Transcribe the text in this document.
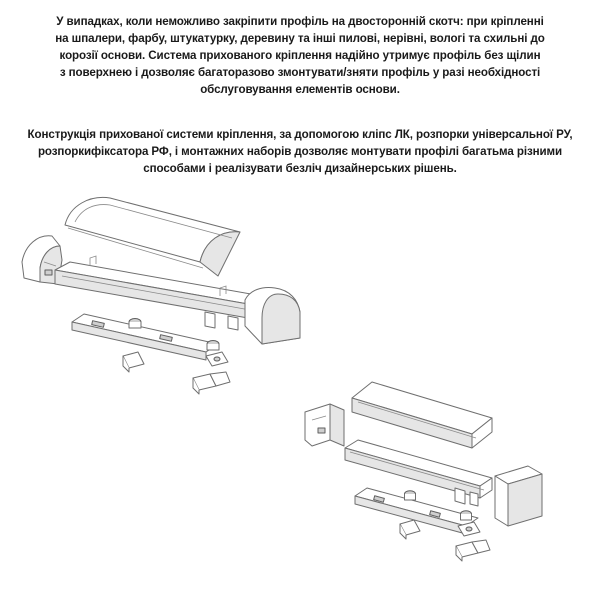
У випадках, коли неможливо закріпити профіль на двосторонній скотч: при кріпленні
на шпалери, фарбу, штукатурку, деревину та інші пилові, нерівні, вологі та схильні до
корозії основи. Система прихованого кріплення надійно утримує профіль без щілин
з поверхнею і дозволяє багаторазово змонтувати/зняти профіль у разі необхідності
обслуговування елементів основи.
Конструкція прихованої системи кріплення, за допомогою кліпс ЛК, розпорки універсальної РУ,
розпоркифіксатора РФ, і монтажних наборів дозволяє монтувати профілі багатьма різними
способами і реалізувати безліч дизайнерських рішень.
